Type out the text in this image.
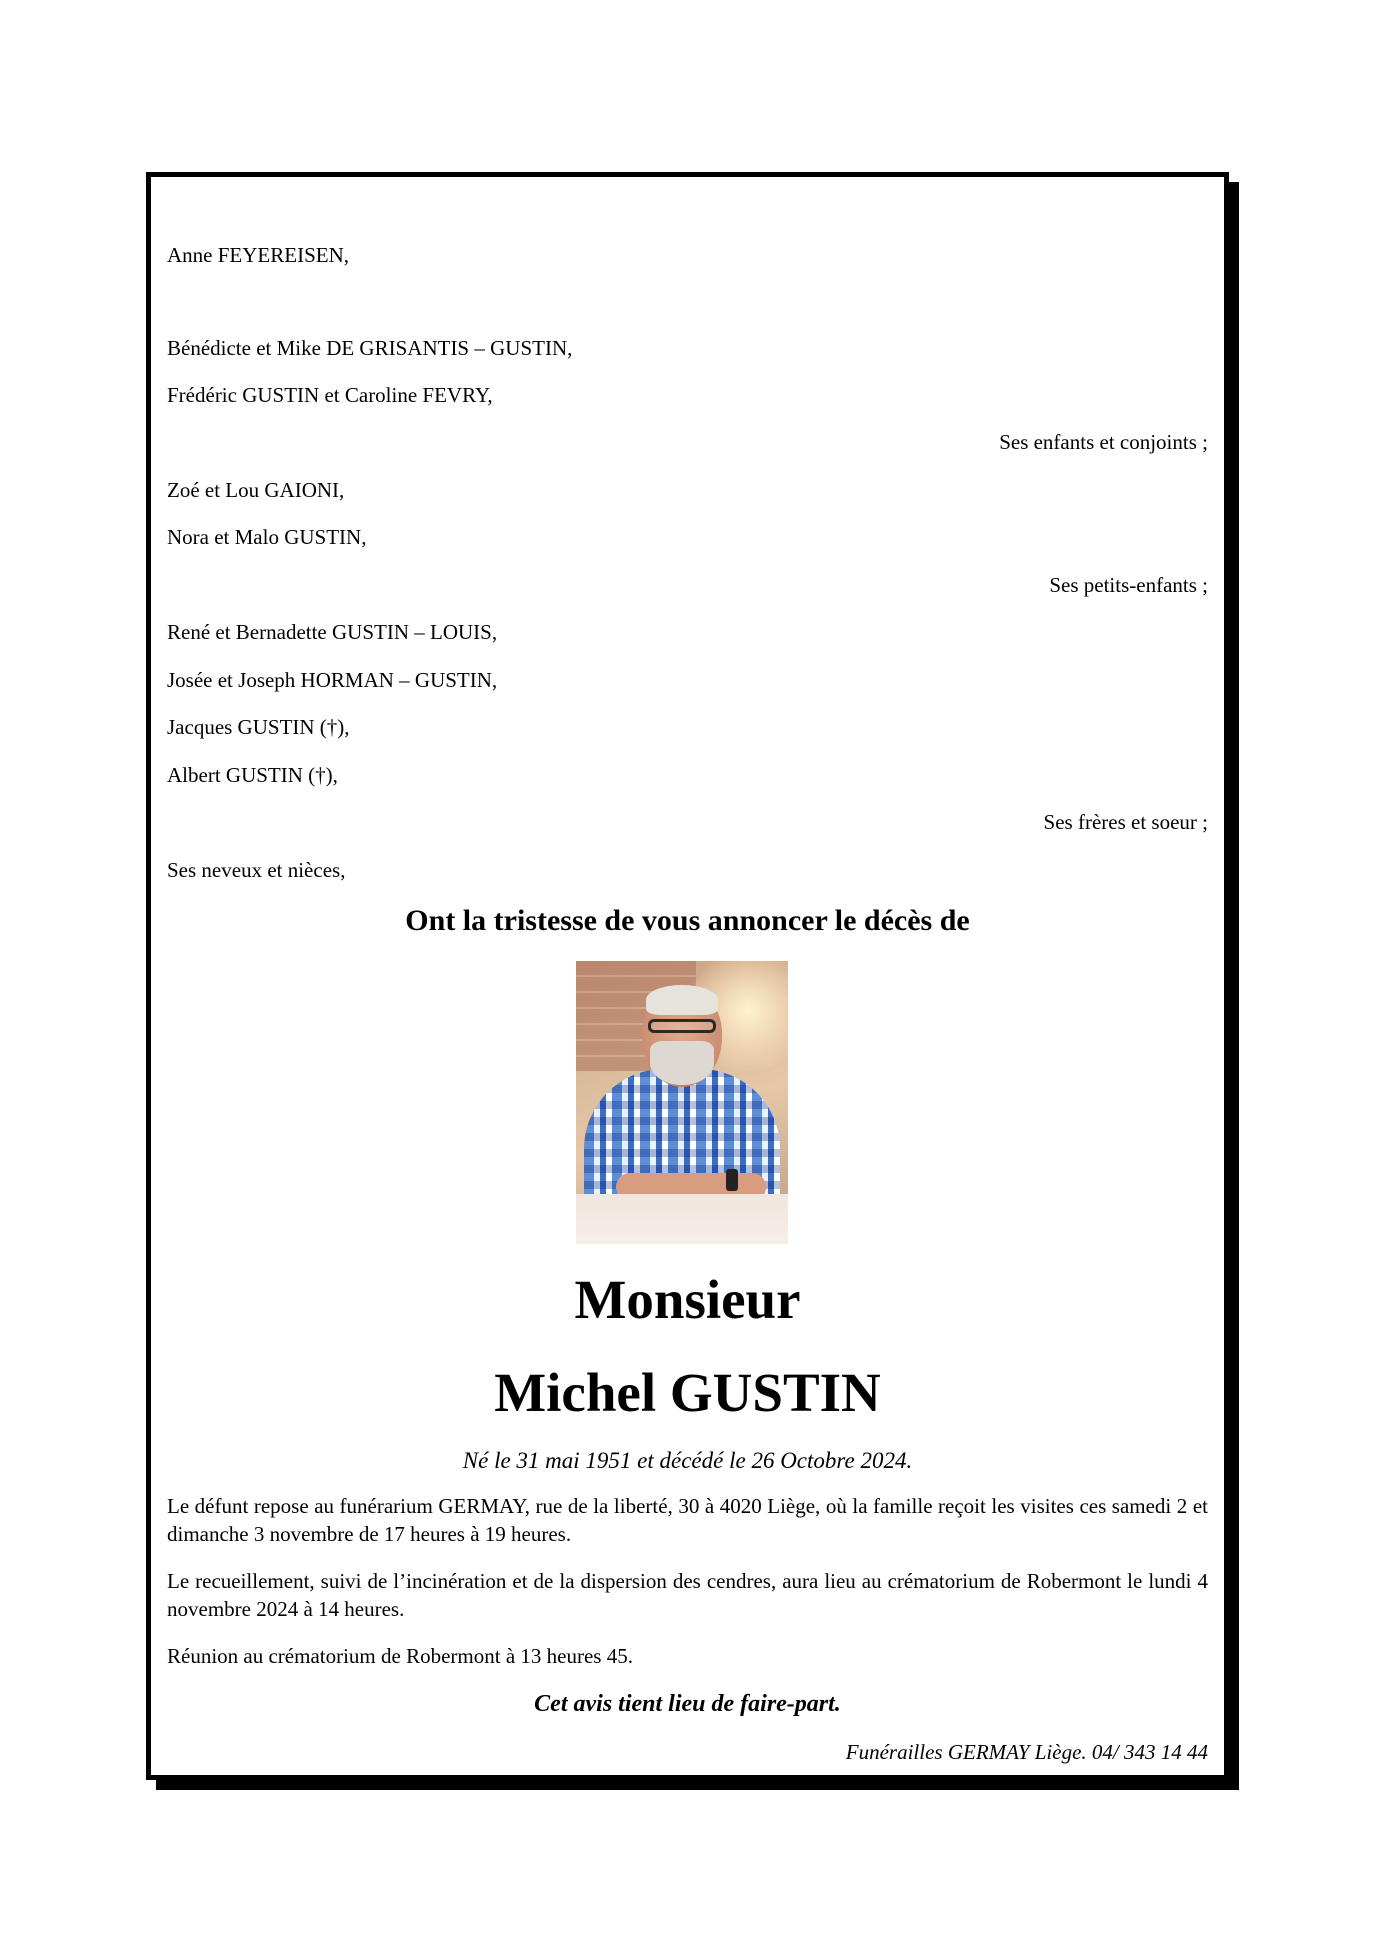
Anne FEYEREISEN,
Bénédicte et Mike DE GRISANTIS – GUSTIN,
Frédéric GUSTIN et Caroline FEVRY,
Ses enfants et conjoints ;
Zoé et Lou GAIONI,
Nora et Malo GUSTIN,
Ses petits-enfants ;
René et Bernadette GUSTIN – LOUIS,
Josée et Joseph HORMAN – GUSTIN,
Jacques GUSTIN (†),
Albert GUSTIN (†),
Ses frères et soeur ;
Ses neveux et nièces,
Ont la tristesse de vous annoncer le décès de
Monsieur
Michel GUSTIN
Né le 31 mai 1951 et décédé le 26 Octobre 2024.
Le défunt repose au funérarium GERMAY, rue de la liberté, 30 à 4020 Liège, où la famille reçoit les visites ces samedi 2 et dimanche 3 novembre de 17 heures à 19 heures.
Le recueillement, suivi de l’incinération et de la dispersion des cendres, aura lieu au crématorium de Robermont le lundi 4 novembre 2024 à 14 heures.
Réunion au crématorium de Robermont à 13 heures 45.
Cet avis tient lieu de faire-part.
Funérailles GERMAY Liège. 04/ 343 14 44
